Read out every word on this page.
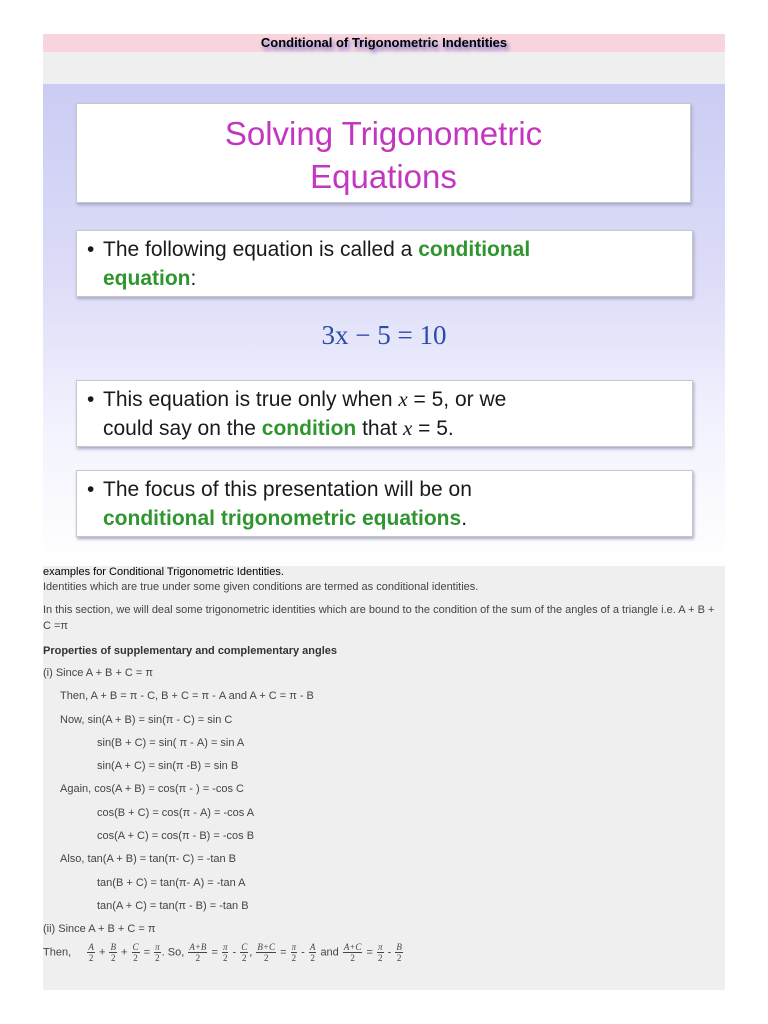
Conditional of Trigonometric Indentities
Solving Trigonometric
Equations
• The following equation is called a conditional
equation:
3x − 5 = 10
• This equation is true only when x = 5, or we
could say on the condition that x = 5.
• The focus of this presentation will be on
conditional trigonometric equations.
examples for Conditional Trigonometric Identities.
Identities which are true under some given conditions are termed as conditional identities.
In this section, we will deal some trigonometric identities which are bound to the condition of the sum of the angles of a triangle i.e. A + B + C =π
Properties of supplementary and complementary angles
(i) Since A + B + C = π
Then, A + B = π - C, B + C = π - A and A + C = π - B
Now, sin(A + B) = sin(π - C) = sin C
sin(B + C) = sin( π - A) = sin A
sin(A + C) = sin(π -B) = sin B
Again, cos(A + B) = cos(π - ) = -cos C
cos(B + C) = cos(π - A) = -cos A
cos(A + C) = cos(π - B) = -cos B
Also, tan(A + B) = tan(π- C) = -tan B
tan(B + C) = tan(π- A) = -tan A
tan(A + C) = tan(π - B) = -tan B
(ii) Since A + B + C = π
Then, $\frac{A}{2} + \frac{B}{2} + \frac{C}{2} = \frac{\pi}{2}$ . So, $\frac{A+B}{2} = \frac{\pi}{2} - \frac{C}{2}$ , $\frac{B+C}{2} = \frac{\pi}{2} - \frac{A}{2}$ and $\frac{A+C}{2} = \frac{\pi}{2} - \frac{B}{2}$
